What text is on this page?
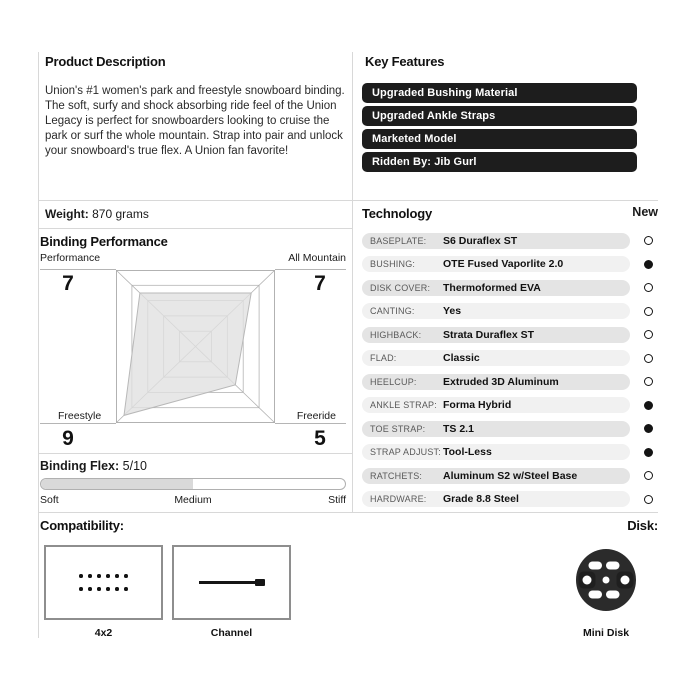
Product Description
Union's #1 women's park and freestyle snowboard binding. The soft, surfy and shock absorbing ride feel of the Union Legacy is perfect for snowboarders looking to cruise the park or surf the whole mountain. Strap into pair and unlock your snowboard's true flex. A Union fan favorite!
Key Features
Upgraded Bushing Material
Upgraded Ankle Straps
Marketed Model
Ridden By: Jib Gurl
Weight: 870 grams
Binding Performance
Performance	All Mountain
Freestyle	Freeride
7	7
9	5
Binding Flex: 5/10
Soft	Medium	Stiff
Technology	New
BASEPLATE:	S6 Duraflex ST
BUSHING:	OTE Fused Vaporlite 2.0
DISK COVER:	Thermoformed EVA
CANTING:	Yes
HIGHBACK:	Strata Duraflex ST
FLAD:	Classic
HEELCUP:	Extruded 3D Aluminum
ANKLE STRAP: Forma Hybrid
TOE STRAP:	TS 2.1
STRAP ADJUST: Tool-Less
RATCHETS:	Aluminum S2 w/Steel Base
HARDWARE:	Grade 8.8 Steel
Compatibility:	Disk:
4x2	Channel	Mini Disk
